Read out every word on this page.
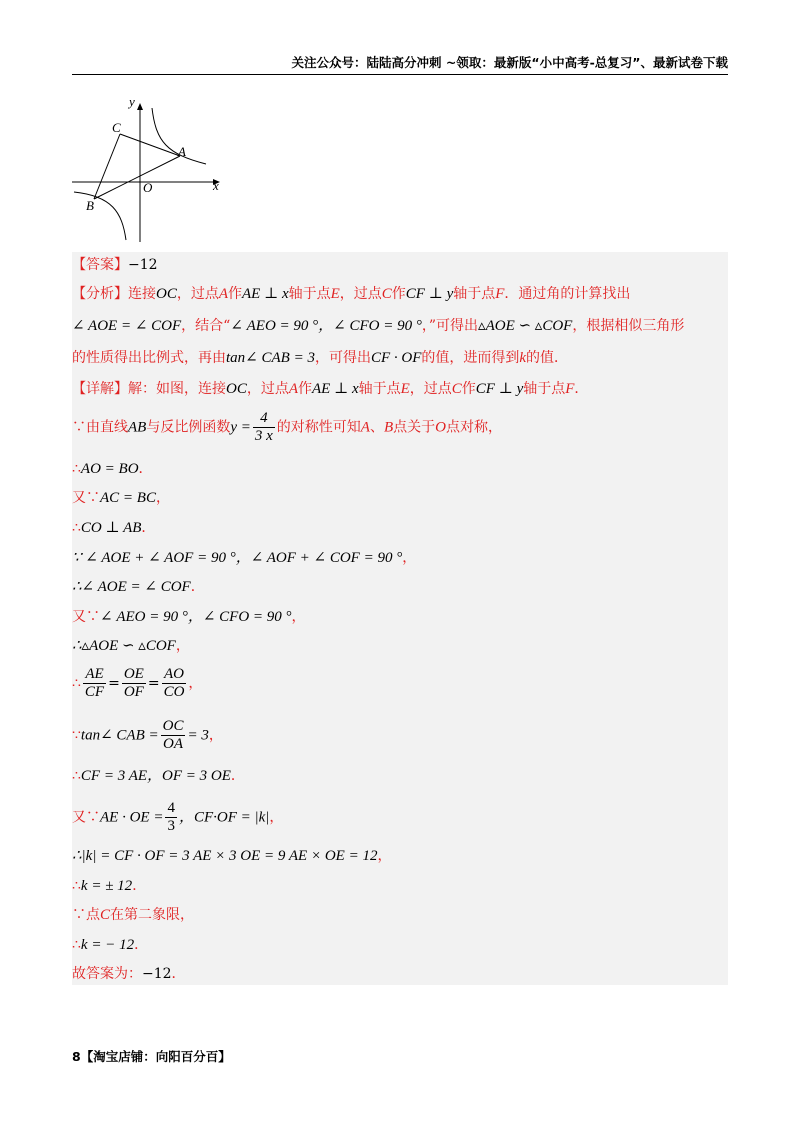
关注公众号：陆陆高分冲刺 ~领取：最新版“小中高考-总复习”、最新试卷下载
y
x
C
A
O
B
【答案】−12
【分析】连接OC，过点A作AE ⊥ x轴于点E，过点C作CF ⊥ y轴于点F．通过角的计算找出
∠ AOE = ∠ COF，结合“∠ AEO = 90 °，∠ CFO = 90 °，”可得出▵AOE ∽ ▵COF，根据相似三角形
的性质得出比例式，再由tan∠ CAB = 3，可得出CF · OF的值，进而得到k的值．
【详解】解：如图，连接OC，过点A作AE ⊥ x轴于点E，过点C作CF ⊥ y轴于点F．
∵由直线AB与反比例函数$y = \frac{4}{3 x}$ 的对称性可知A、B点关于O点对称，
∴AO = BO．
又∵AC = BC，
∴CO ⊥ AB．
∵ ∠ AOE + ∠ AOF = 90 °，∠ AOF + ∠ COF = 90 °，
∴∠ AOE = ∠ COF．
又∵∠ AEO = 90 °，∠ CFO = 90 °，
∴▵AOE ∽ ▵COF，
∴ $\frac{AE}{CF} = \frac{OE}{OF} = \frac{AO}{CO}$ ，
∵tan∠ CAB = $\frac{OC}{OA} = 3$，
∴CF = 3 AE，OF = 3 OE．
又∵AE · OE = $\frac{4}{3}$ ，CF·OF = |k|，
∴|k| = CF · OF = 3 AE × 3 OE = 9 AE × OE = 12，
∴k = ± 12．
∵点C在第二象限，
∴k = − 12．
故答案为：−12．
8【淘宝店铺：向阳百分百】
